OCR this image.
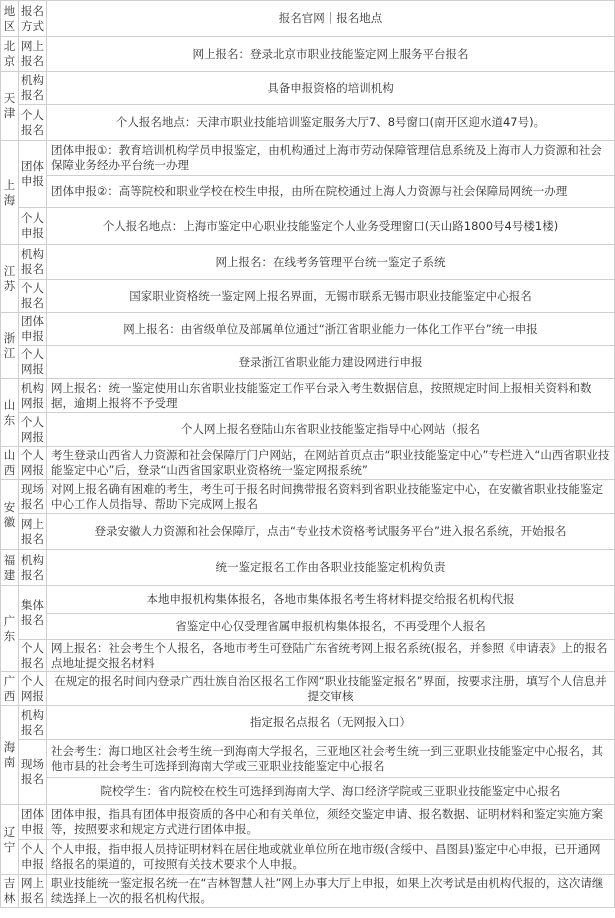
地区	报名方式	报名官网｜报名地点
北京	网上报名	网上报名：登录北京市职业技能鉴定网上服务平台报名
天津	机构报名	具备申报资格的培训机构
	个人报名	个人报名地点：天津市职业技能培训鉴定服务大厅7、8号窗口(南开区迎水道47号)。
上海	团体申报	团体申报①：教育培训机构学员申报鉴定，由机构通过上海市劳动保障管理信息系统及上海市人力资源和社会保障业务经办平台统一办理
		团体申报②：高等院校和职业学校在校生申报，由所在院校通过上海人力资源与社会保障局网统一办理
	个人申报	个人报名地点：上海市鉴定中心职业技能鉴定个人业务受理窗口(天山路1800号4号楼1楼)
江苏	机构报名	网上报名：在线考务管理平台统一鉴定子系统
	个人报名	国家职业资格统一鉴定网上报名界面，无锡市联系无锡市职业技能鉴定中心报名
浙江	团体申报	网上报名：由省级单位及部属单位通过“浙江省职业能力一体化工作平台”统一申报
	个人网报	登录浙江省职业能力建设网进行申报
山东	机构网报	网上报名：统一鉴定使用山东省职业技能鉴定工作平台录入考生数据信息，按照规定时间上报相关资料和数据，逾期上报将不予受理
	个人网报	个人网上报名登陆山东省职业技能鉴定指导中心网站（报名
山西	个人网报	考生登录山西省人力资源和社会保障厅门户网站，在网站首页点击“职业技能鉴定中心”专栏进入“山西省职业技能鉴定中心”后，登录“山西省国家职业资格统一鉴定网报系统”
安徽	现场报名	对网上报名确有困难的考生，考生可于报名时间携带报名资料到省职业技能鉴定中心，在安徽省职业技能鉴定中心工作人员指导、帮助下完成网上报名
	网上报名	登录安徽人力资源和社会保障厅，点击“专业技术资格考试服务平台”进入报名系统，开始报名
福建	机构报名	统一鉴定报名工作由各职业技能鉴定机构负责
广东	集体报名	本地申报机构集体报名，各地市集体报名考生将材料提交给报名机构代报
		省鉴定中心仅受理省属申报机构集体报名，不再受理个人报名
	个人报名	网上报名：社会考生个人报名，各地市考生可登陆广东省统考网上报名系统(报名，并参照《申请表》上的报名点地址提交报名材料
广西	个人网报	在规定的报名时间内登录广西壮族自治区报名工作网“职业技能鉴定报名”界面，按要求注册，填写个人信息并提交审核
海南	机构报名	指定报名点报名（无网报入口）
	现场报名	社会考生：海口地区社会考生统一到海南大学报名，三亚地区社会考生统一到三亚职业技能鉴定中心报名，其他市县的社会考生可选择到海南大学或三亚职业技能鉴定中心报名
		院校学生：省内院校在校生可选择到海南大学、海口经济学院或三亚职业技能鉴定中心报名
辽宁	团体申报	团体申报，指具有团体申报资质的各中心和有关单位，须经交鉴定申请、报名数据、证明材料和鉴定实施方案等，按照要求和规定方式进行团体申报。
	个人申报	个人申报，指申报人员持证明材料在居住地或就业单位所在地市级(含绥中、昌图县)鉴定中心申报，已开通网络报名的渠道的，可按照有关技术要求个人申报。
吉林	网上报名	职业技能统一鉴定报名统一在“吉林智慧人社”网上办事大厅上申报，如果上次考试是由机构代报的，这次请继续选择上一次的报名机构代报。
